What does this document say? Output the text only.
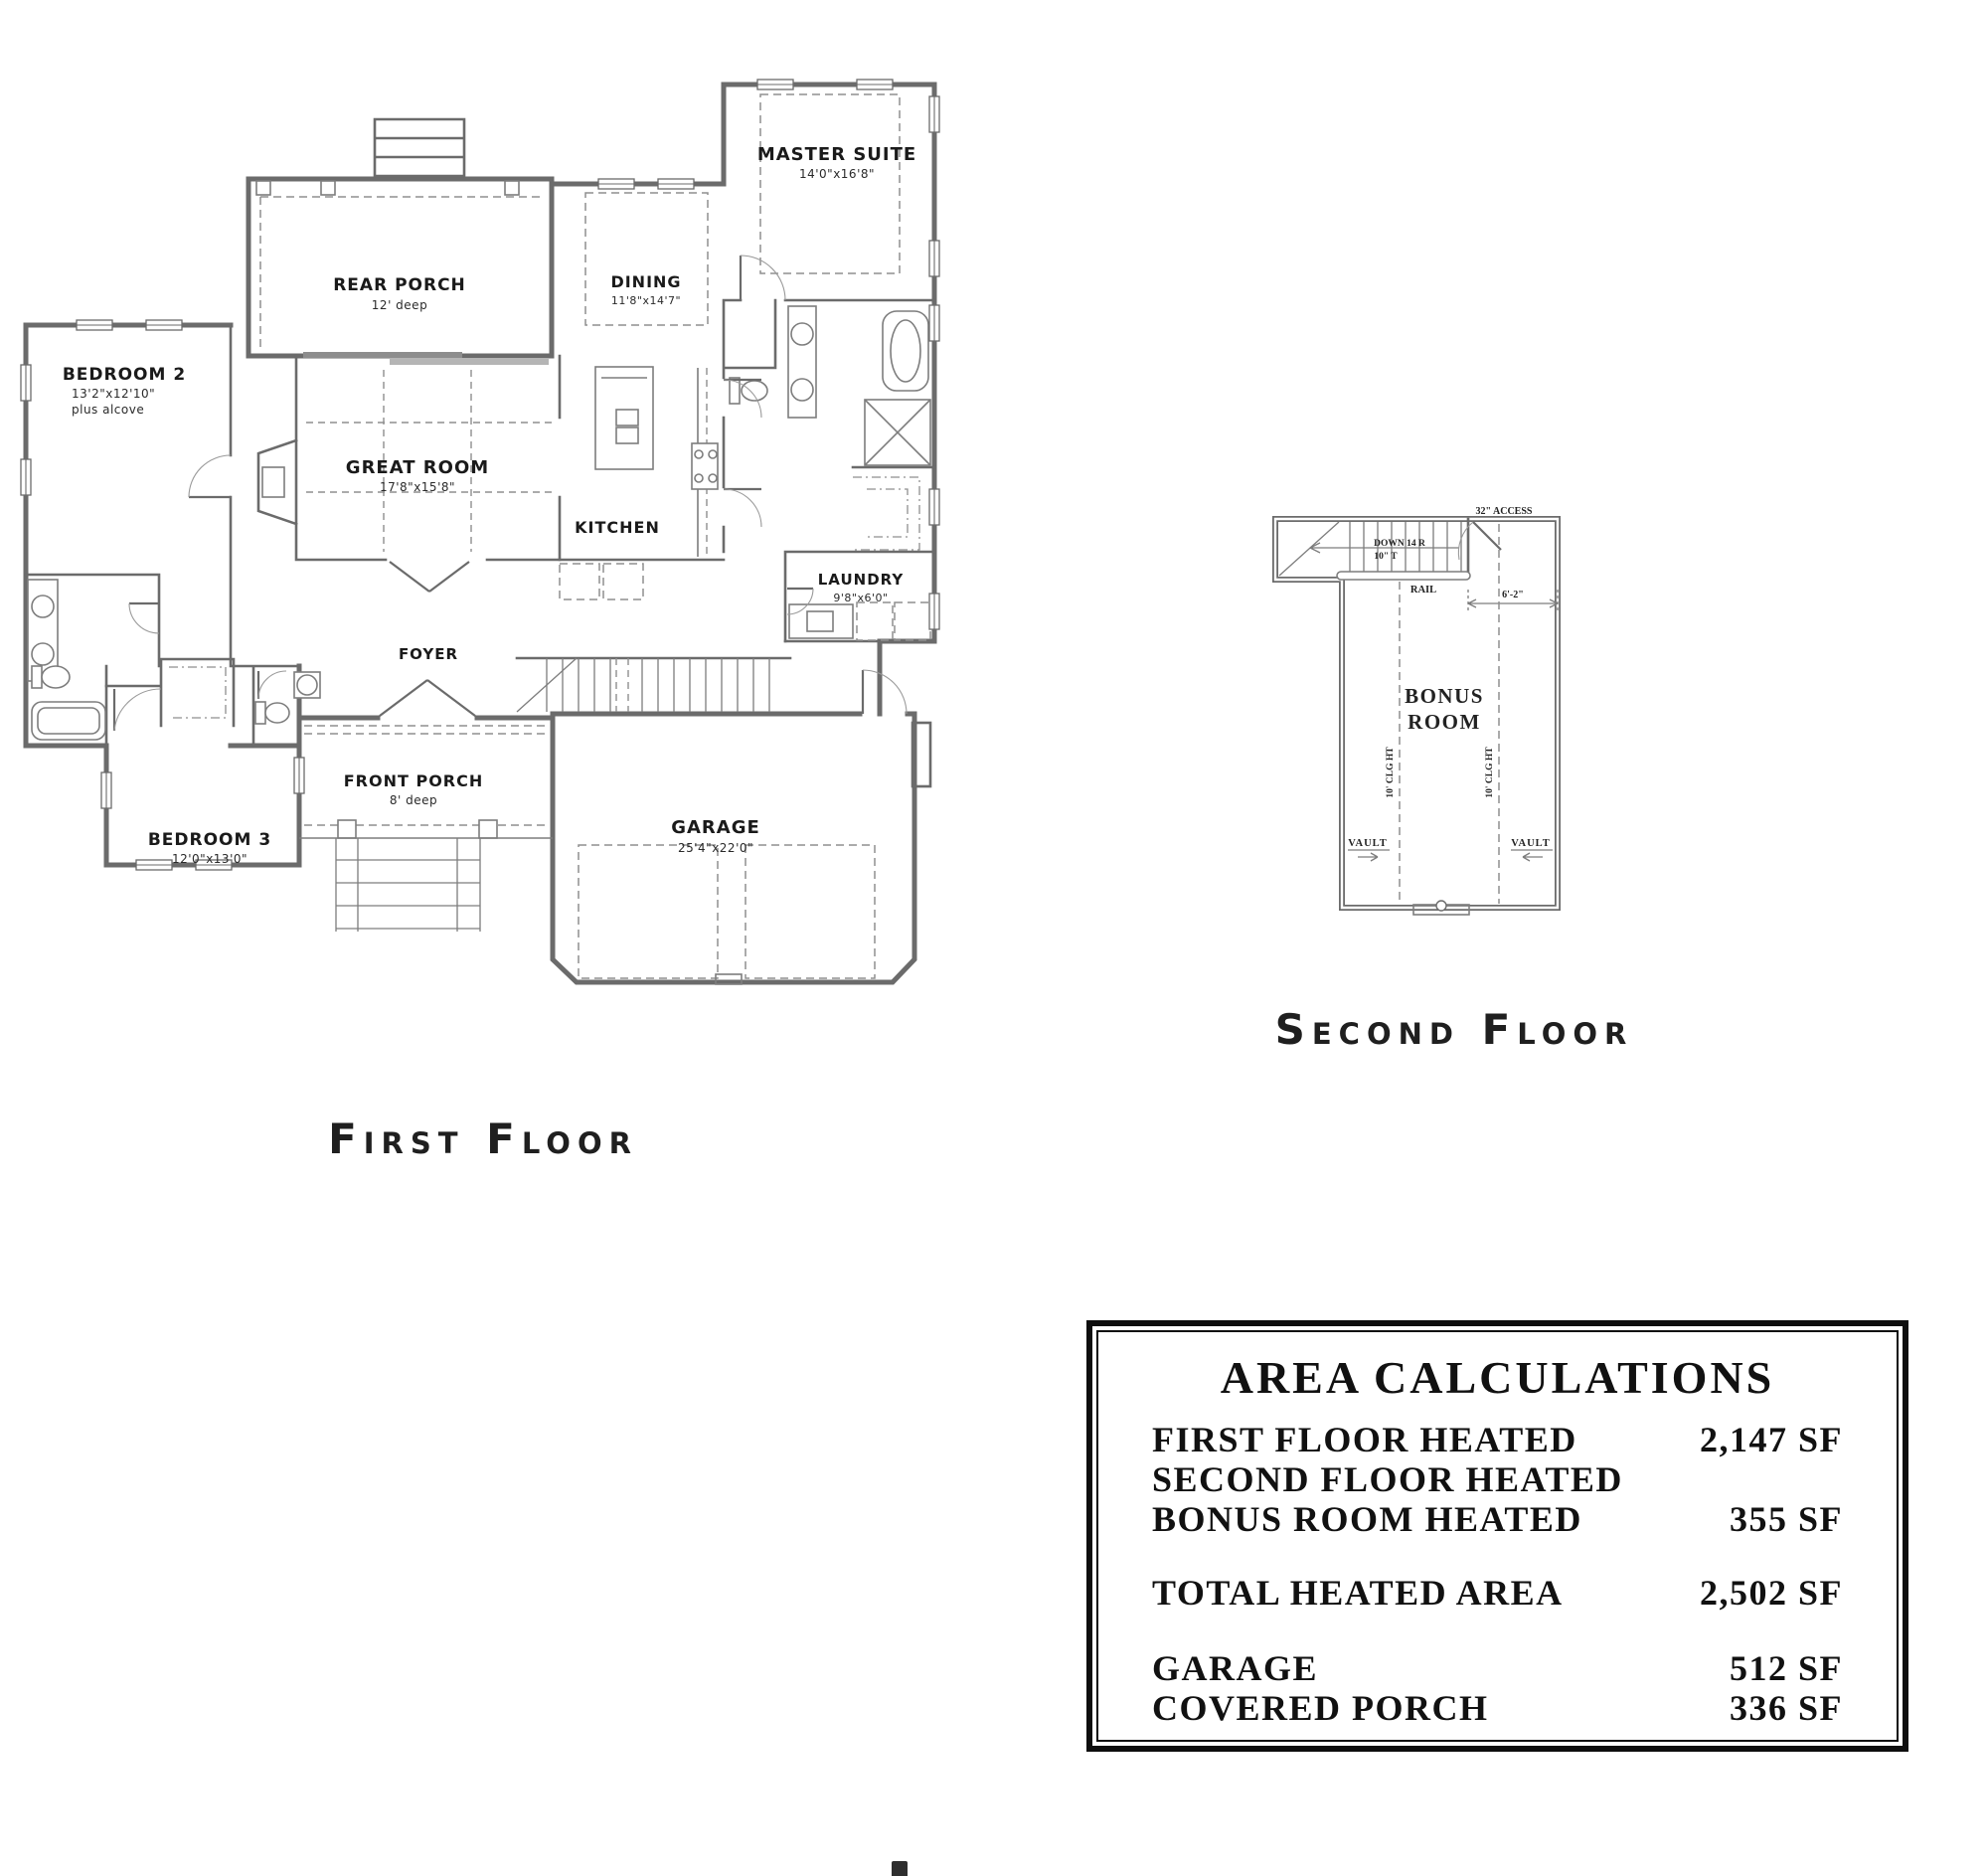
REAR PORCH
12' deep
DINING
11'8"x14'7"
MASTER SUITE
14'0"x16'8"
GREAT ROOM
17'8"x15'8"
BEDROOM 2
13'2"x12'10"
plus alcove
KITCHEN
LAUNDRY
9'8"x6'0"
FOYER
FRONT PORCH
8' deep
BEDROOM 3
12'0"x13'0"
GARAGE
25'4"x22'0"
DOWN 14 R
10" T
RAIL
32" ACCESS
6'-2"
10' CLG HT	10' CLG HT
VAULT	VAULT
BONUS
ROOM
First Floor
Second Floor
AREA CALCULATIONS
FIRST FLOOR HEATED	2,147 SF
SECOND FLOOR HEATED
BONUS ROOM HEATED	355 SF
TOTAL HEATED AREA	2,502 SF
GARAGE	512 SF
COVERED PORCH	336 SF
